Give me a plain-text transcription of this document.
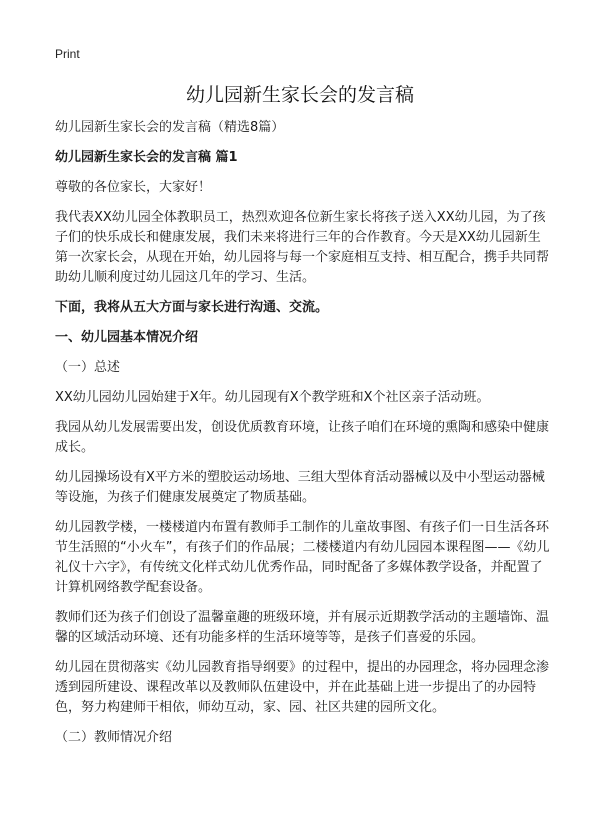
Print
幼儿园新生家长会的发言稿

幼儿园新生家长会的发言稿（精选8篇）

幼儿园新生家长会的发言稿 篇1

尊敬的各位家长，大家好！

我代表XX幼儿园全体教职员工，热烈欢迎各位新生家长将孩子送入XX幼儿园，为了孩子们的快乐成长和健康发展，我们未来将进行三年的合作教育。今天是XX幼儿园新生第一次家长会，从现在开始，幼儿园将与每一个家庭相互支持、相互配合，携手共同帮助幼儿顺利度过幼儿园这几年的学习、生活。

下面，我将从五大方面与家长进行沟通、交流。

一、幼儿园基本情况介绍

（一）总述

XX幼儿园幼儿园始建于X年。幼儿园现有X个教学班和X个社区亲子活动班。

我园从幼儿发展需要出发，创设优质教育环境，让孩子咱们在环境的熏陶和感染中健康成长。

幼儿园操场设有X平方米的塑胶运动场地、三组大型体育活动器械以及中小型运动器械等设施，为孩子们健康发展奠定了物质基础。

幼儿园教学楼，一楼楼道内布置有教师手工制作的儿童故事图、有孩子们一日生活各环节生活照的“小火车”，有孩子们的作品展；二楼楼道内有幼儿园园本课程图——《幼儿礼仪十六字》，有传统文化样式幼儿优秀作品，同时配备了多媒体教学设备，并配置了计算机网络教学配套设备。

教师们还为孩子们创设了温馨童趣的班级环境，并有展示近期教学活动的主题墙饰、温馨的区域活动环境、还有功能多样的生活环境等等，是孩子们喜爱的乐园。

幼儿园在贯彻落实《幼儿园教育指导纲要》的过程中，提出的办园理念，将办园理念渗透到园所建设、课程改革以及教师队伍建设中，并在此基础上进一步提出了的办园特色，努力构建师干相依，师幼互动，家、园、社区共建的园所文化。

（二）教师情况介绍
